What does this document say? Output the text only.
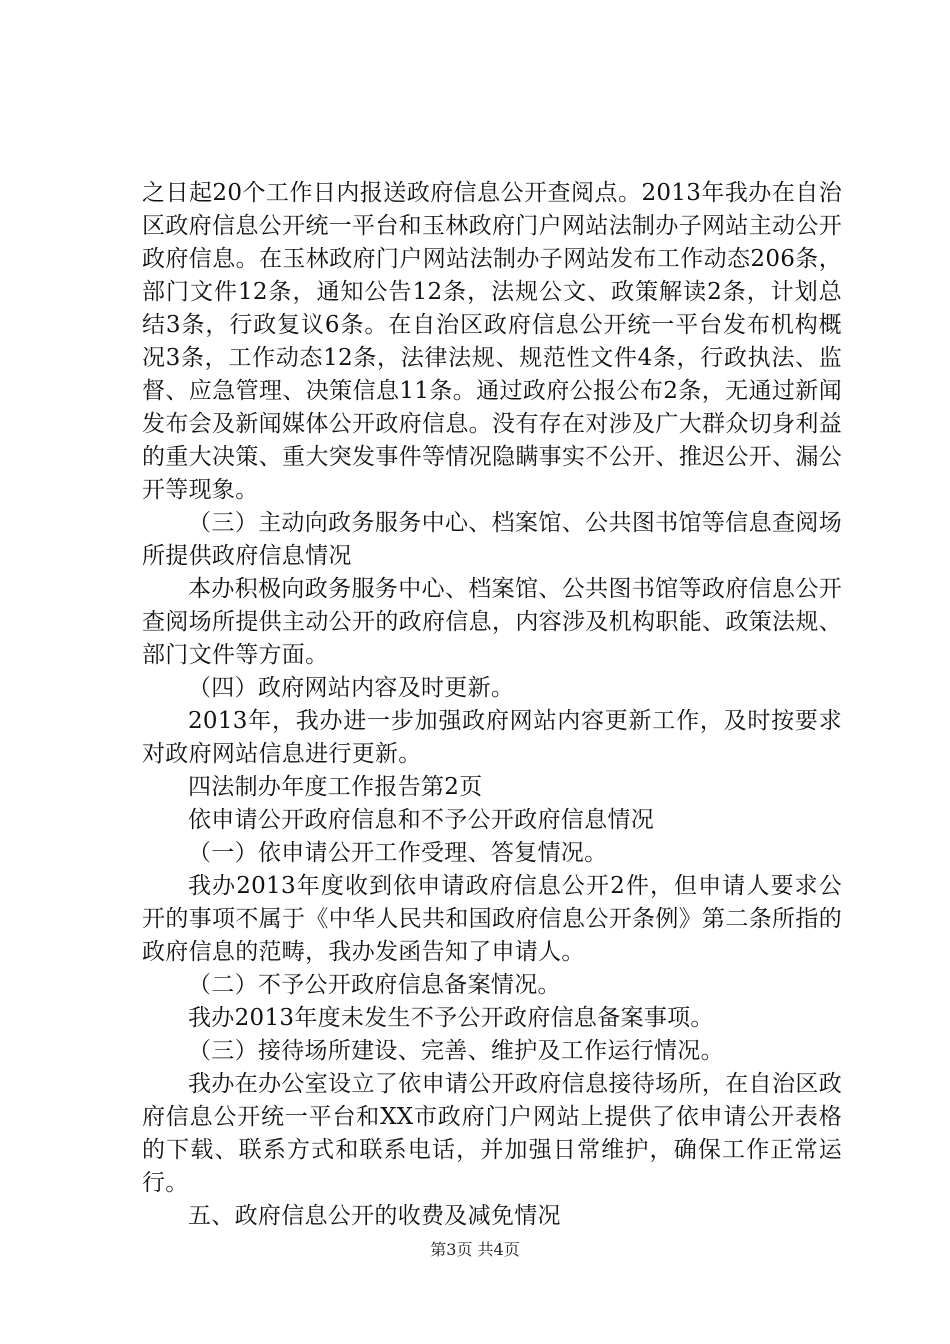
之日起20个工作日内报送政府信息公开查阅点。2013年我办在自治区政府信息公开统一平台和玉林政府门户网站法制办子网站主动公开政府信息。在玉林政府门户网站法制办子网站发布工作动态206条，部门文件12条，通知公告12条，法规公文、政策解读2条，计划总结3条，行政复议6条。在自治区政府信息公开统一平台发布机构概况3条，工作动态12条，法律法规、规范性文件4条，行政执法、监督、应急管理、决策信息11条。通过政府公报公布2条，无通过新闻发布会及新闻媒体公开政府信息。没有存在对涉及广大群众切身利益的重大决策、重大突发事件等情况隐瞒事实不公开、推迟公开、漏公开等现象。

（三）主动向政务服务中心、档案馆、公共图书馆等信息查阅场所提供政府信息情况

本办积极向政务服务中心、档案馆、公共图书馆等政府信息公开查阅场所提供主动公开的政府信息，内容涉及机构职能、政策法规、部门文件等方面。

（四）政府网站内容及时更新。

2013年，我办进一步加强政府网站内容更新工作，及时按要求对政府网站信息进行更新。

四法制办年度工作报告第2页

依申请公开政府信息和不予公开政府信息情况

（一）依申请公开工作受理、答复情况。

我办2013年度收到依申请政府信息公开2件，但申请人要求公开的事项不属于《中华人民共和国政府信息公开条例》第二条所指的政府信息的范畴，我办发函告知了申请人。

（二）不予公开政府信息备案情况。

我办2013年度未发生不予公开政府信息备案事项。

（三）接待场所建设、完善、维护及工作运行情况。

我办在办公室设立了依申请公开政府信息接待场所，在自治区政府信息公开统一平台和XX市政府门户网站上提供了依申请公开表格的下载、联系方式和联系电话，并加强日常维护，确保工作正常运行。

五、政府信息公开的收费及减免情况

第3页 共4页
